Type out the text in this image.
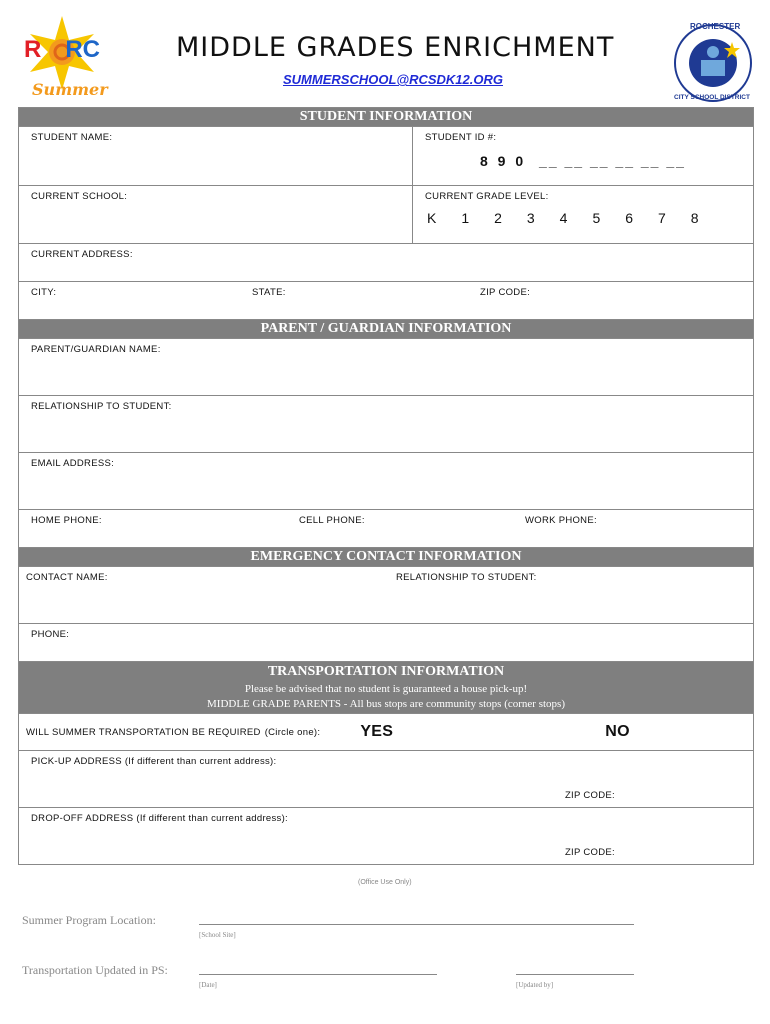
R RC
Summer
MIDDLE GRADES ENRICHMENT
SUMMERSCHOOL@RCSDK12.ORG
ROCHESTER
CITY SCHOOL DISTRICT
STUDENT INFORMATION
STUDENT NAME:	STUDENT ID #:
8 9 0 __ __ __ __ __ __
CURRENT SCHOOL:	CURRENT GRADE LEVEL:
K 1 2 3 4 5 6 7 8
CURRENT ADDRESS:
CITY:	STATE:	ZIP CODE:
PARENT / GUARDIAN INFORMATION
PARENT/GUARDIAN NAME:
RELATIONSHIP TO STUDENT:
EMAIL ADDRESS:
HOME PHONE:	CELL PHONE:	WORK PHONE:
EMERGENCY CONTACT INFORMATION
CONTACT NAME:	RELATIONSHIP TO STUDENT:
PHONE:
TRANSPORTATION INFORMATION
Please be advised that no student is guaranteed a house pick-up!
MIDDLE GRADE PARENTS - All bus stops are community stops (corner stops)
WILL SUMMER TRANSPORTATION BE REQUIRED (Circle one):	YES	NO
PICK-UP ADDRESS (If different than current address):
ZIP CODE:
DROP-OFF ADDRESS (If different than current address):
ZIP CODE:
(Office Use Only)
Summer Program Location:
[School Site]
Transportation Updated in PS:
[Date]	[Updated by]
